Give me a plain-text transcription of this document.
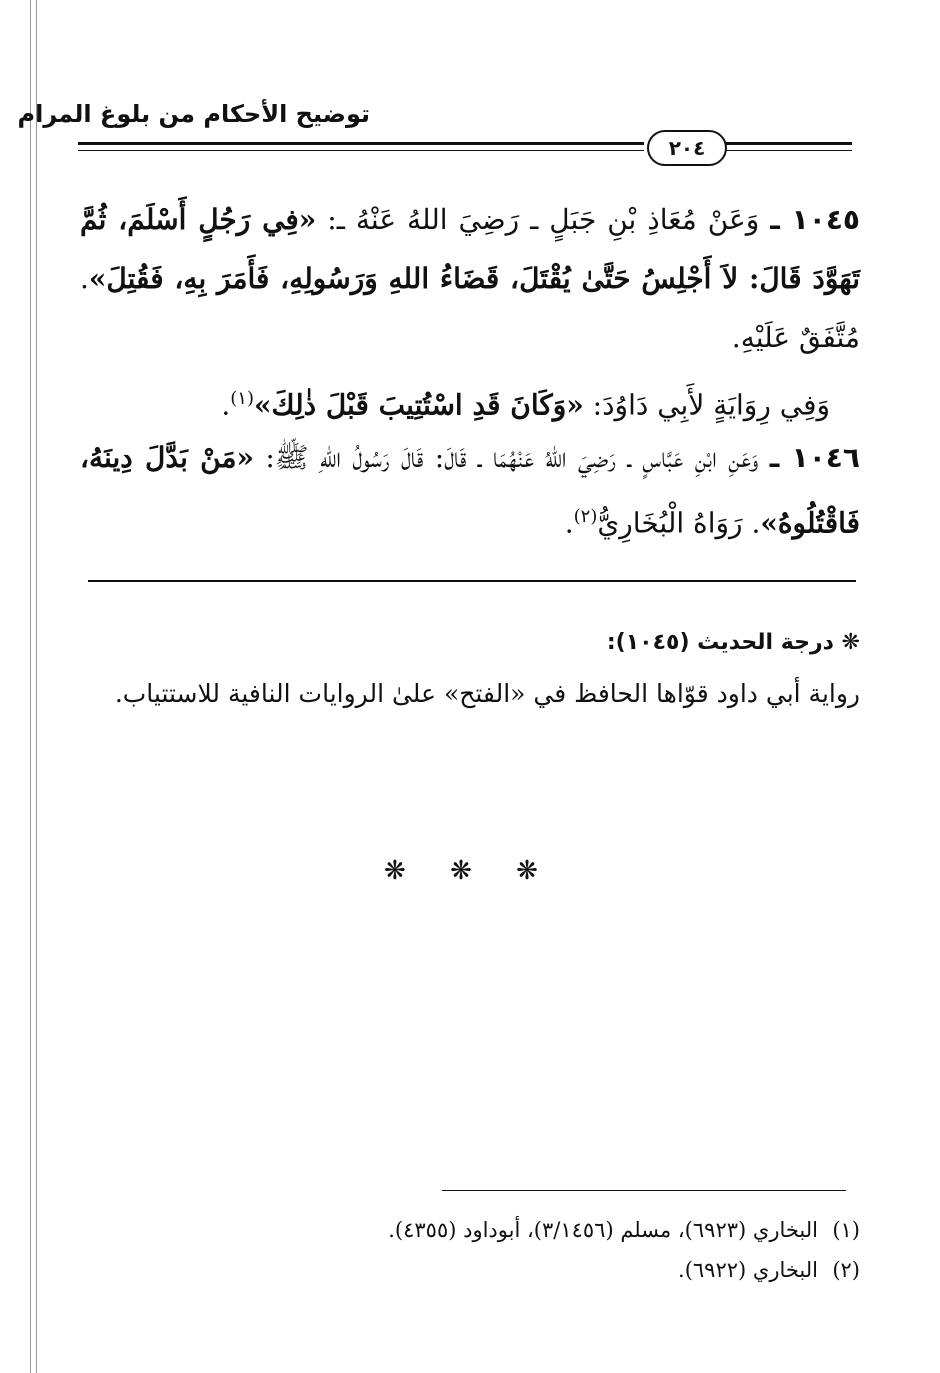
توضيح الأحكام من بلوغ المرام
٢٠٤
١٠٤٥ ـ وَعَنْ مُعَاذِ بْنِ جَبَلٍ ـ رَضِيَ اللهُ عَنْهُ ـ: «فِي رَجُلٍ أَسْلَمَ، ثُمَّ تَهَوَّدَ قَالَ: لاَ أَجْلِسُ حَتَّىٰ يُقْتَلَ، قَضَاءُ اللهِ وَرَسُولِهِ، فَأَمَرَ بِهِ، فَقُتِلَ». مُتَّفَقٌ عَلَيْهِ.
وَفِي رِوَايَةٍ لأَبِي دَاوُدَ: «وَكَانَ قَدِ اسْتُتِيبَ قَبْلَ ذٰلِكَ»$^{(١)}$.
١٠٤٦ ـ وَعَنِ ابْنِ عَبَّاسٍ ـ رَضِيَ اللهُ عَنْهُمَا ـ قَالَ: قَالَ رَسُولُ اللهِ ﷺ: «مَنْ بَدَّلَ دِينَهُ، فَاقْتُلُوهُ». رَوَاهُ الْبُخَارِيُّ$^{(٢)}$.
❋ درجة الحديث (١٠٤٥):
رواية أبي داود قوّاها الحافظ في «الفتح» علىٰ الروايات النافية للاستتياب.
❋ ❋ ❋
(١)البخاري (٦٩٢٣)، مسلم (٣/١٤٥٦)، أبوداود (٤٣٥٥).
(٢)البخاري (٦٩٢٢).
